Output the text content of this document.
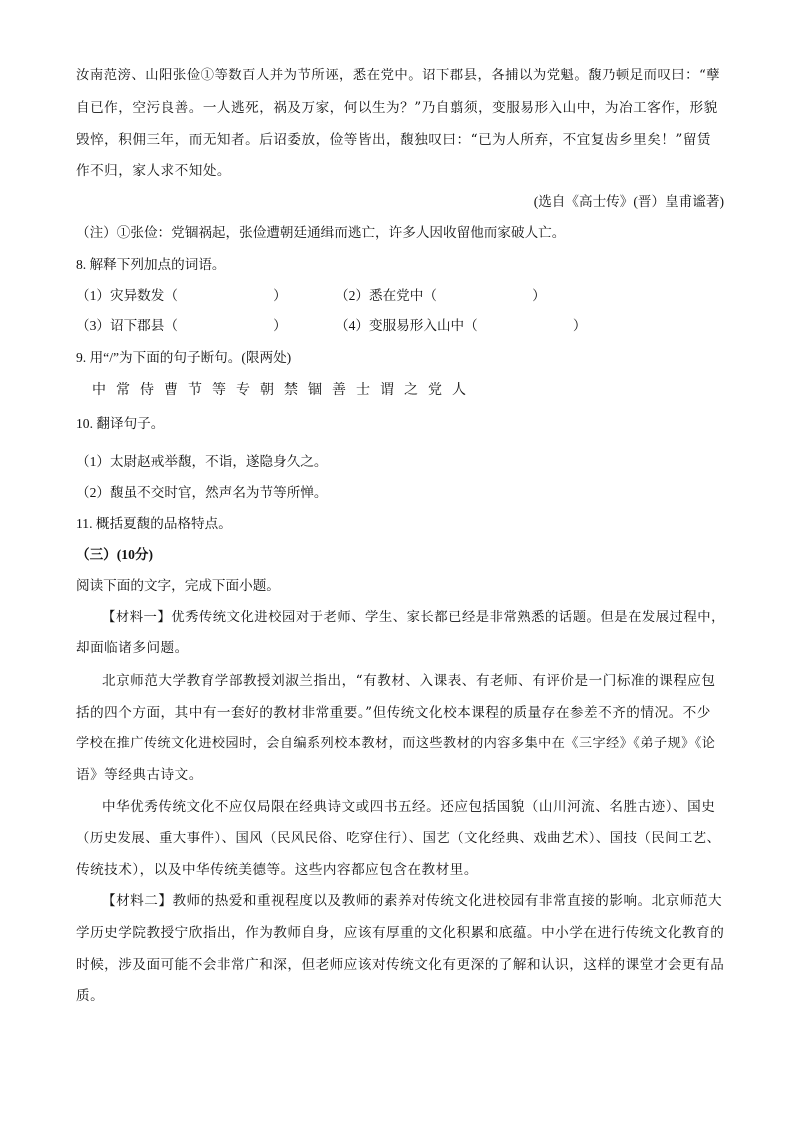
汝南范滂、山阳张俭①等数百人并为节所诬，悉在党中。诏下郡县，各捕以为党魁。馥乃顿足而叹曰：“孽
自已作，空污良善。一人逃死，祸及万家，何以生为？”乃自翦须，变服易形入山中，为冶工客作，形貌
毁悴，积佣三年，而无知者。后诏委放，俭等皆出，馥独叹曰：“已为人所弃，不宜复齿乡里矣！”留赁
作不归，家人求不知处。
(选自《高士传》(晋）皇甫谧著)
（注）①张俭：党锢祸起，张俭遭朝廷通缉而逃亡，许多人因收留他而家破人亡。
8. 解释下列加点的词语。
（1）灾异数发（　　　　　　　）	（2）悉在党中（　　　　　　　）
（3）诏下郡县（　　　　　　　）	（4）变服易形入山中（　　　　　　　）
9. 用“/”为下面的句子断句。(限两处)
中常侍曹节等专朝禁锢善士谓之党人
10. 翻译句子。
（1）太尉赵戒举馥，不诣，遂隐身久之。
（2）馥虽不交时官，然声名为节等所惮。
11. 概括夏馥的品格特点。
（三）(10分)
阅读下面的文字，完成下面小题。
【材料一】优秀传统文化进校园对于老师、学生、家长都已经是非常熟悉的话题。但是在发展过程中，
却面临诸多问题。
北京师范大学教育学部教授刘淑兰指出，“有教材、入课表、有老师、有评价是一门标准的课程应包
括的四个方面，其中有一套好的教材非常重要。”但传统文化校本课程的质量存在参差不齐的情况。不少
学校在推广传统文化进校园时，会自编系列校本教材，而这些教材的内容多集中在《三字经》《弟子规》《论
语》等经典古诗文。
中华优秀传统文化不应仅局限在经典诗文或四书五经。还应包括国貌（山川河流、名胜古迹）、国史
（历史发展、重大事件）、国风（民风民俗、吃穿住行）、国艺（文化经典、戏曲艺术）、国技（民间工艺、
传统技术），以及中华传统美德等。这些内容都应包含在教材里。
【材料二】教师的热爱和重视程度以及教师的素养对传统文化进校园有非常直接的影响。北京师范大
学历史学院教授宁欣指出，作为教师自身，应该有厚重的文化积累和底蕴。中小学在进行传统文化教育的
时候，涉及面可能不会非常广和深，但老师应该对传统文化有更深的了解和认识，这样的课堂才会更有品
质。
